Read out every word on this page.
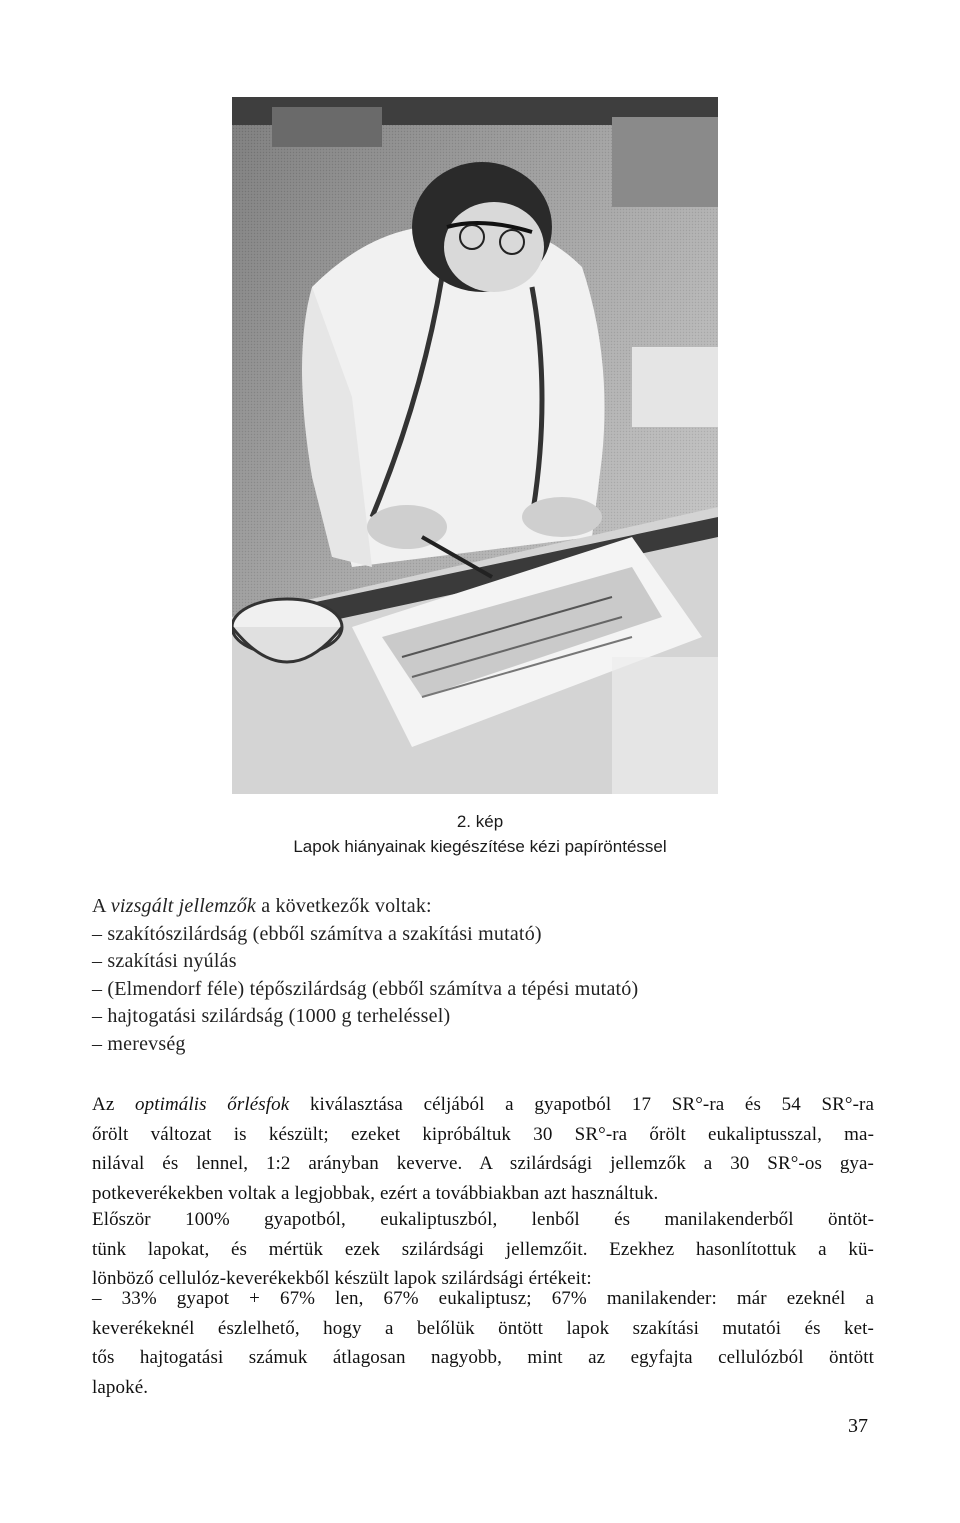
2. kép
Lapok hiányainak kiegészítése kézi papíröntéssel
A vizsgált jellemzők a következők voltak:
– szakítószilárdság (ebből számítva a szakítási mutató)
– szakítási nyúlás
– (Elmendorf féle) tépőszilárdság (ebből számítva a tépési mutató)
– hajtogatási szilárdság (1000 g terheléssel)
– merevség
Az optimális őrlésfok kiválasztása céljából a gyapotból 17 SR°-ra és 54 SR°-ra
őrölt változat is készült; ezeket kipróbáltuk 30 SR°-ra őrölt eukaliptusszal, ma-
nilával és lennel, 1:2 arányban keverve. A szilárdsági jellemzők a 30 SR°-os gya-
potkeverékekben voltak a legjobbak, ezért a továbbiakban azt használtuk.
Először 100% gyapotból, eukaliptuszból, lenből és manilakenderből öntöt-
tünk lapokat, és mértük ezek szilárdsági jellemzőit. Ezekhez hasonlítottuk a kü-
lönböző cellulóz-keverékekből készült lapok szilárdsági értékeit:
– 33% gyapot + 67% len, 67% eukaliptusz; 67% manilakender: már ezeknél a
keverékeknél észlelhető, hogy a belőlük öntött lapok szakítási mutatói és ket-
tős hajtogatási számuk átlagosan nagyobb, mint az egyfajta cellulózból öntött
lapoké.
37
